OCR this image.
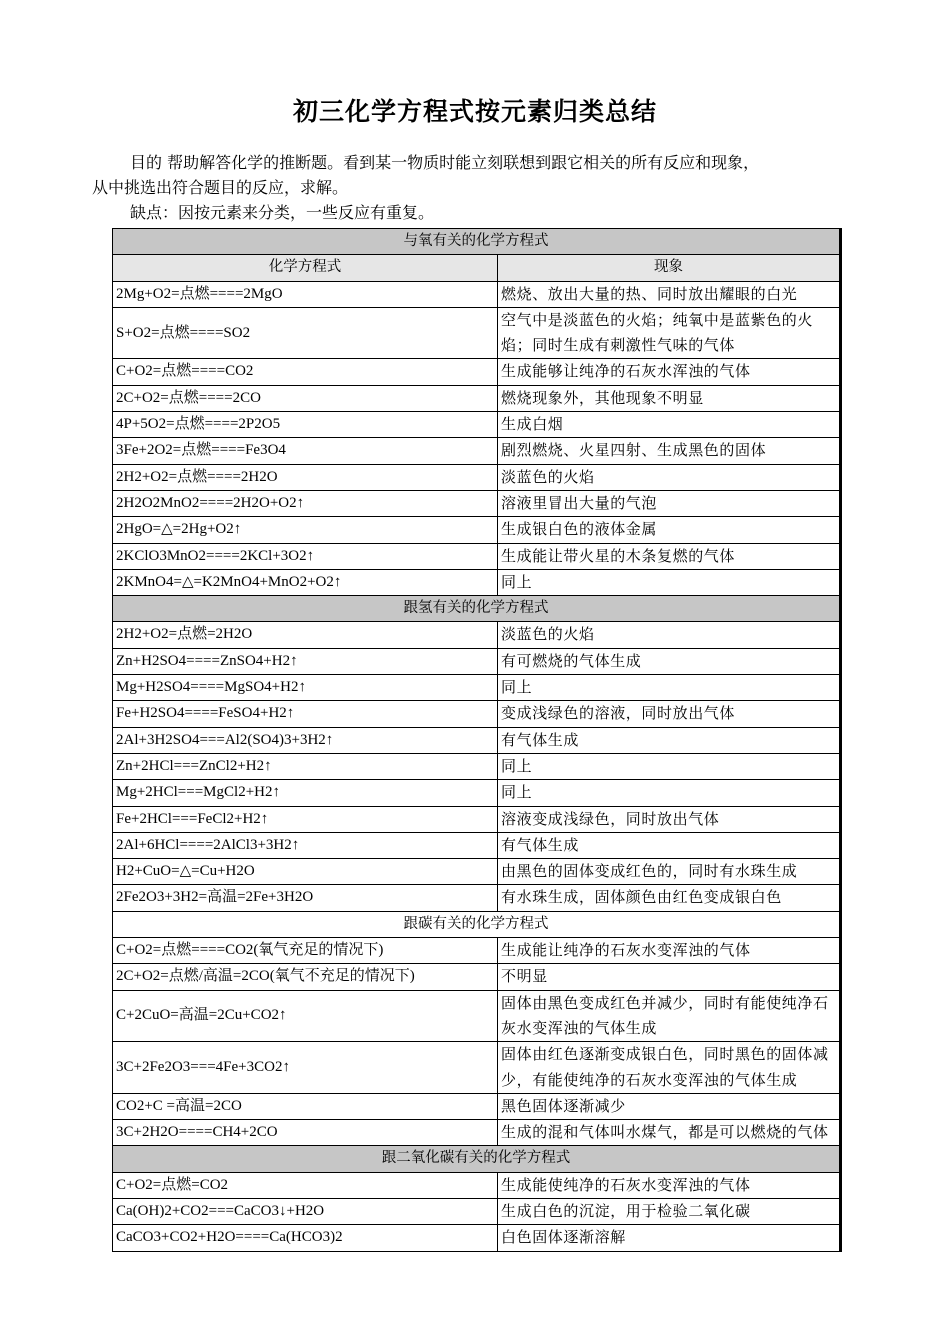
初三化学方程式按元素归类总结

目的 帮助解答化学的推断题。看到某一物质时能立刻联想到跟它相关的所有反应和现象，

从中挑选出符合题目的反应，求解。

缺点：因按元素来分类，一些反应有重复。

与氧有关的化学方程式	
化学方程式	现象
2Mg+O2=点燃====2MgO	燃烧、放出大量的热、同时放出耀眼的白光
S+O2=点燃====SO2	空气中是淡蓝色的火焰；纯氧中是蓝紫色的火焰；同时生成有刺激性气味的气体
C+O2=点燃====CO2	生成能够让纯净的石灰水浑浊的气体
2C+O2=点燃====2CO	燃烧现象外，其他现象不明显
4P+5O2=点燃====2P2O5	生成白烟
3Fe+2O2=点燃====Fe3O4	剧烈燃烧、火星四射、生成黑色的固体
2H2+O2=点燃====2H2O	淡蓝色的火焰
2H2O2MnO2====2H2O+O2↑	溶液里冒出大量的气泡
2HgO=△=2Hg+O2↑	生成银白色的液体金属
2KClO3MnO2====2KCl+3O2↑	生成能让带火星的木条复燃的气体
2KMnO4=△=K2MnO4+MnO2+O2↑	同上
跟氢有关的化学方程式	
2H2+O2=点燃=2H2O	淡蓝色的火焰
Zn+H2SO4====ZnSO4+H2↑	有可燃烧的气体生成
Mg+H2SO4====MgSO4+H2↑	同上
Fe+H2SO4====FeSO4+H2↑	变成浅绿色的溶液，同时放出气体
2Al+3H2SO4===Al2(SO4)3+3H2↑	有气体生成
Zn+2HCl===ZnCl2+H2↑	同上
Mg+2HCl===MgCl2+H2↑	同上
Fe+2HCl===FeCl2+H2↑	溶液变成浅绿色，同时放出气体
2Al+6HCl====2AlCl3+3H2↑	有气体生成
H2+CuO=△=Cu+H2O	由黑色的固体变成红色的，同时有水珠生成
2Fe2O3+3H2=高温=2Fe+3H2O	有水珠生成，固体颜色由红色变成银白色
跟碳有关的化学方程式	
C+O2=点燃====CO2(氧气充足的情况下)	生成能让纯净的石灰水变浑浊的气体
2C+O2=点燃/高温=2CO(氧气不充足的情况下)	不明显
C+2CuO=高温=2Cu+CO2↑	固体由黑色变成红色并减少，同时有能使纯净石灰水变浑浊的气体生成
3C+2Fe2O3===4Fe+3CO2↑	固体由红色逐渐变成银白色，同时黑色的固体减少，有能使纯净的石灰水变浑浊的气体生成
CO2+C =高温=2CO	黑色固体逐渐减少
3C+2H2O====CH4+2CO	生成的混和气体叫水煤气，都是可以燃烧的气体
跟二氧化碳有关的化学方程式	
C+O2=点燃=CO2	生成能使纯净的石灰水变浑浊的气体
Ca(OH)2+CO2===CaCO3↓+H2O	生成白色的沉淀，用于检验二氧化碳
CaCO3+CO2+H2O====Ca(HCO3)2	白色固体逐渐溶解
